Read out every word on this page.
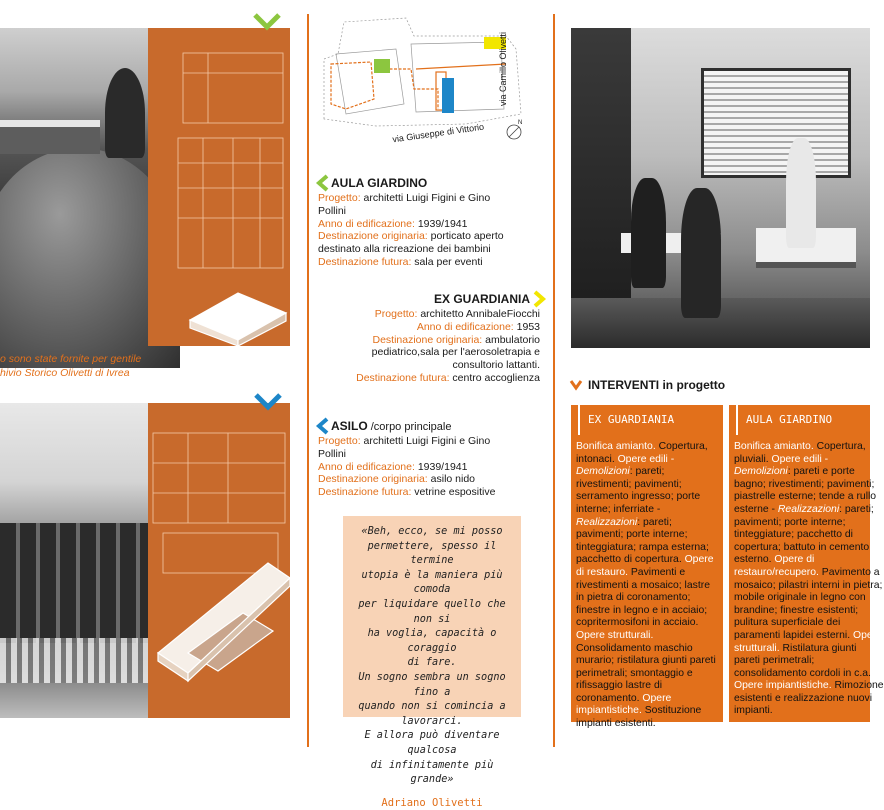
o sono state fornite per gentile
hivio Storico Olivetti di Ivrea
via Giuseppe di Vittorio
via Camillo Olivetti
N
AULA GIARDINO
Progetto: architetti Luigi Figini e Gino Pollini
Anno di edificazione: 1939/1941
Destinazione originaria: porticato aperto destinato alla ricreazione dei bambini
Destinazione futura: sala per eventi
EX GUARDIANIA
Progetto: architetto AnnibaleFiocchi
Anno di edificazione: 1953
Destinazione originaria: ambulatorio pediatrico,sala per l'aerosoletrapia e consultorio lattanti.
Destinazione futura: centro accoglienza
ASILO /corpo principale
Progetto: architetti Luigi Figini e Gino Pollini
Anno di edificazione: 1939/1941
Destinazione originaria: asilo nido
Destinazione futura: vetrine espositive
«Beh, ecco, se mi posso
permettere, spesso il termine
utopia è la maniera più comoda
per liquidare quello che non si
ha voglia, capacità o coraggio
di fare.
Un sogno sembra un sogno fino a
quando non si comincia a
lavorarci.
E allora può diventare qualcosa
di infinitamente più grande»
Adriano Olivetti
INTERVENTI in progetto
EX GUARDIANIA
Bonifica amianto. Copertura, intonaci. Opere edili - Demolizioni: pareti; rivestimenti; pavimenti; serramento ingresso; porte interne; inferriate - Realizzazioni: pareti; pavimenti; porte interne; tinteggiatura; rampa esterna; pacchetto di copertura. Opere di restauro. Pavimenti e rivestimenti a mosaico; lastre in pietra di coronamento; finestre in legno e in acciaio; copritermosifoni in acciaio. Opere strutturali. Consolidamento maschio murario; ristilatura giunti pareti perimetrali; smontaggio e rifissaggio lastre di coronamento. Opere impiantistiche. Sostituzione impianti esistenti.
AULA GIARDINO
Bonifica amianto. Copertura, pluviali. Opere edili - Demolizioni: pareti e porte bagno; rivestimenti; pavimenti; piastrelle esterne; tende a rullo esterne - Realizzazioni: pareti; pavimenti; porte interne; tinteggiature; pacchetto di copertura; battuto in cemento esterno. Opere di restauro/recupero. Pavimento a mosaico; pilastri interni in pietra; mobile originale in legno con brandine; finestre esistenti; pulitura superficiale dei paramenti lapidei esterni. Opere strutturali. Ristilatura giunti pareti perimetrali; consolidamento cordoli in c.a. Opere impiantistiche. Rimozione esistenti e realizzazione nuovi impianti.
